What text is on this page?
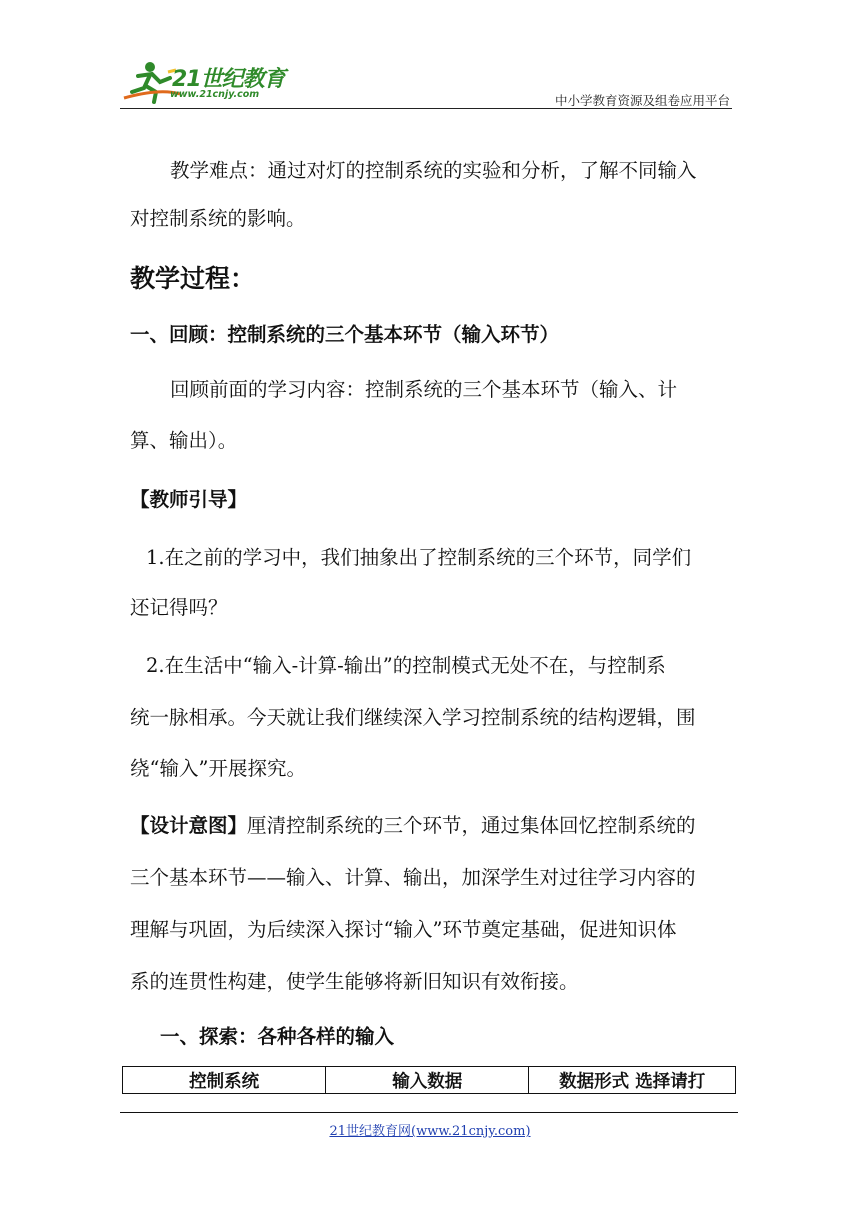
21世纪教育
www.21cnjy.com	中小学教育资源及组卷应用平台
教学难点：通过对灯的控制系统的实验和分析，了解不同输入
对控制系统的影响。
教学过程：
一、回顾：控制系统的三个基本环节（输入环节）
回顾前面的学习内容：控制系统的三个基本环节（输入、计
算、输出）。
【教师引导】
1.在之前的学习中，我们抽象出了控制系统的三个环节，同学们
还记得吗？
2.在生活中“输入-计算-输出”的控制模式无处不在，与控制系
统一脉相承。今天就让我们继续深入学习控制系统的结构逻辑，围
绕“输入”开展探究。
【设计意图】厘清控制系统的三个环节，通过集体回忆控制系统的
三个基本环节——输入、计算、输出，加深学生对过往学习内容的
理解与巩固，为后续深入探讨“输入”环节奠定基础，促进知识体
系的连贯性构建，使学生能够将新旧知识有效衔接。
一、探索：各种各样的输入
控制系统	输入数据	数据形式 选择请打
21世纪教育网(www.21cnjy.com)
